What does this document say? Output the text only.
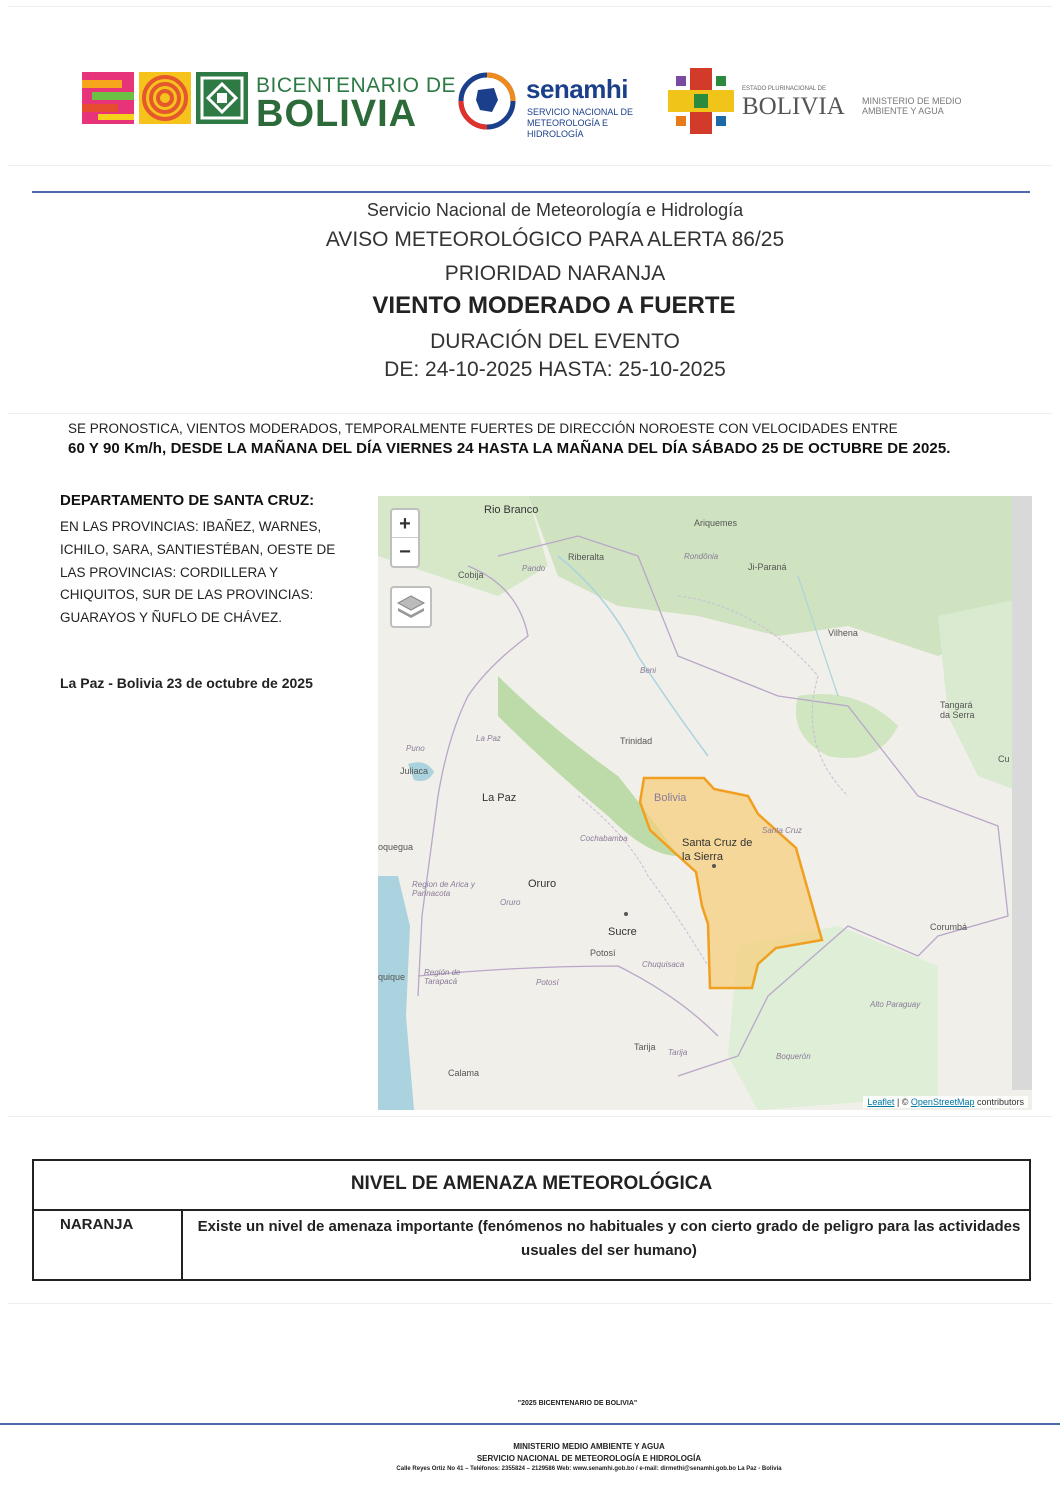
BICENTENARIO DE
BOLIVIA
senamhi
SERVICIO NACIONAL DE METEOROLOGÍA E HIDROLOGÍA
ESTADO PLURINACIONAL DE
BOLIVIA MINISTERIO DE MEDIO AMBIENTE Y AGUA
Servicio Nacional de Meteorología e Hidrología
AVISO METEOROLÓGICO PARA ALERTA 86/25
PRIORIDAD NARANJA
VIENTO MODERADO A FUERTE
DURACIÓN DEL EVENTO
DE: 24-10-2025 HASTA: 25-10-2025
SE PRONOSTICA, VIENTOS MODERADOS, TEMPORALMENTE FUERTES DE DIRECCIÓN NOROESTE CON VELOCIDADES ENTRE
60 Y 90 Km/h, DESDE LA MAÑANA DEL DÍA VIERNES 24 HASTA LA MAÑANA DEL DÍA SÁBADO 25 DE OCTUBRE DE 2025.
DEPARTAMENTO DE SANTA CRUZ:
EN LAS PROVINCIAS: IBAÑEZ, WARNES, ICHILO, SARA, SANTIESTÉBAN, OESTE DE LAS PROVINCIAS: CORDILLERA Y CHIQUITOS, SUR DE LAS PROVINCIAS: GUARAYOS Y ÑUFLO DE CHÁVEZ.
La Paz - Bolivia 23 de octubre de 2025
Rio Branco
Ariquemes
Riberalta
Ji-Paraná
Cobija
Pando
Rondônia
Vilhena
Beni
Tangará da Serra
Trinidad
Puno
Juliaca
La Paz
La Paz	Bolivia
Santa Cruz
Cochabamba	Santa Cruz de la Sierra
oquegua
Region de Arica y Parinacota
Oruro
Oruro
Sucre
Potosí
Chuquisaca
Corumbá
quique Región de Tarapacá	Potosí
Alto Paraguay
Tarija
Tarija	Boquerón
Calama
Cu
+
−
Leaflet | © OpenStreetMap contributors
NIVEL DE AMENAZA METEOROLÓGICA
NARANJA	Existe un nivel de amenaza importante (fenómenos no habituales y con cierto grado de peligro para las actividades usuales del ser humano)
"2025 BICENTENARIO DE BOLIVIA"
MINISTERIO MEDIO AMBIENTE Y AGUA
SERVICIO NACIONAL DE METEOROLOGÍA E HIDROLOGÍA
Calle Reyes Ortiz No 41 – Teléfonos: 2355824 – 2129586 Web: www.senamhi.gob.bo / e-mail: dirmethi@senamhi.gob.bo La Paz - Bolivia
